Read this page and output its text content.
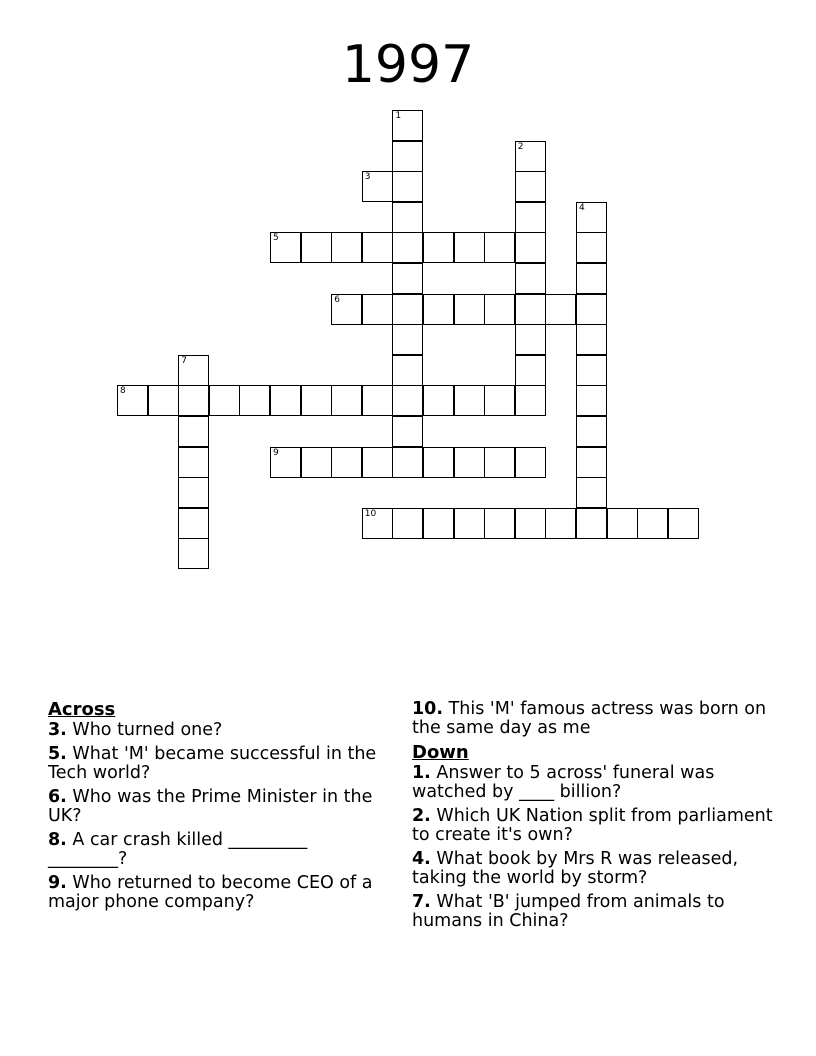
1997
1
2
3
4
5
6
7
8
9
10
Across
3. Who turned one?
5. What 'M' became successful in the Tech world?
6. Who was the Prime Minister in the UK?
8. A car crash killed _________ ________?
9. Who returned to become CEO of a major phone company?
10. This 'M' famous actress was born on the same day as me
Down
1. Answer to 5 across' funeral was watched by ____ billion?
2. Which UK Nation split from parliament to create it's own?
4. What book by Mrs R was released, taking the world by storm?
7. What 'B' jumped from animals to humans in China?
